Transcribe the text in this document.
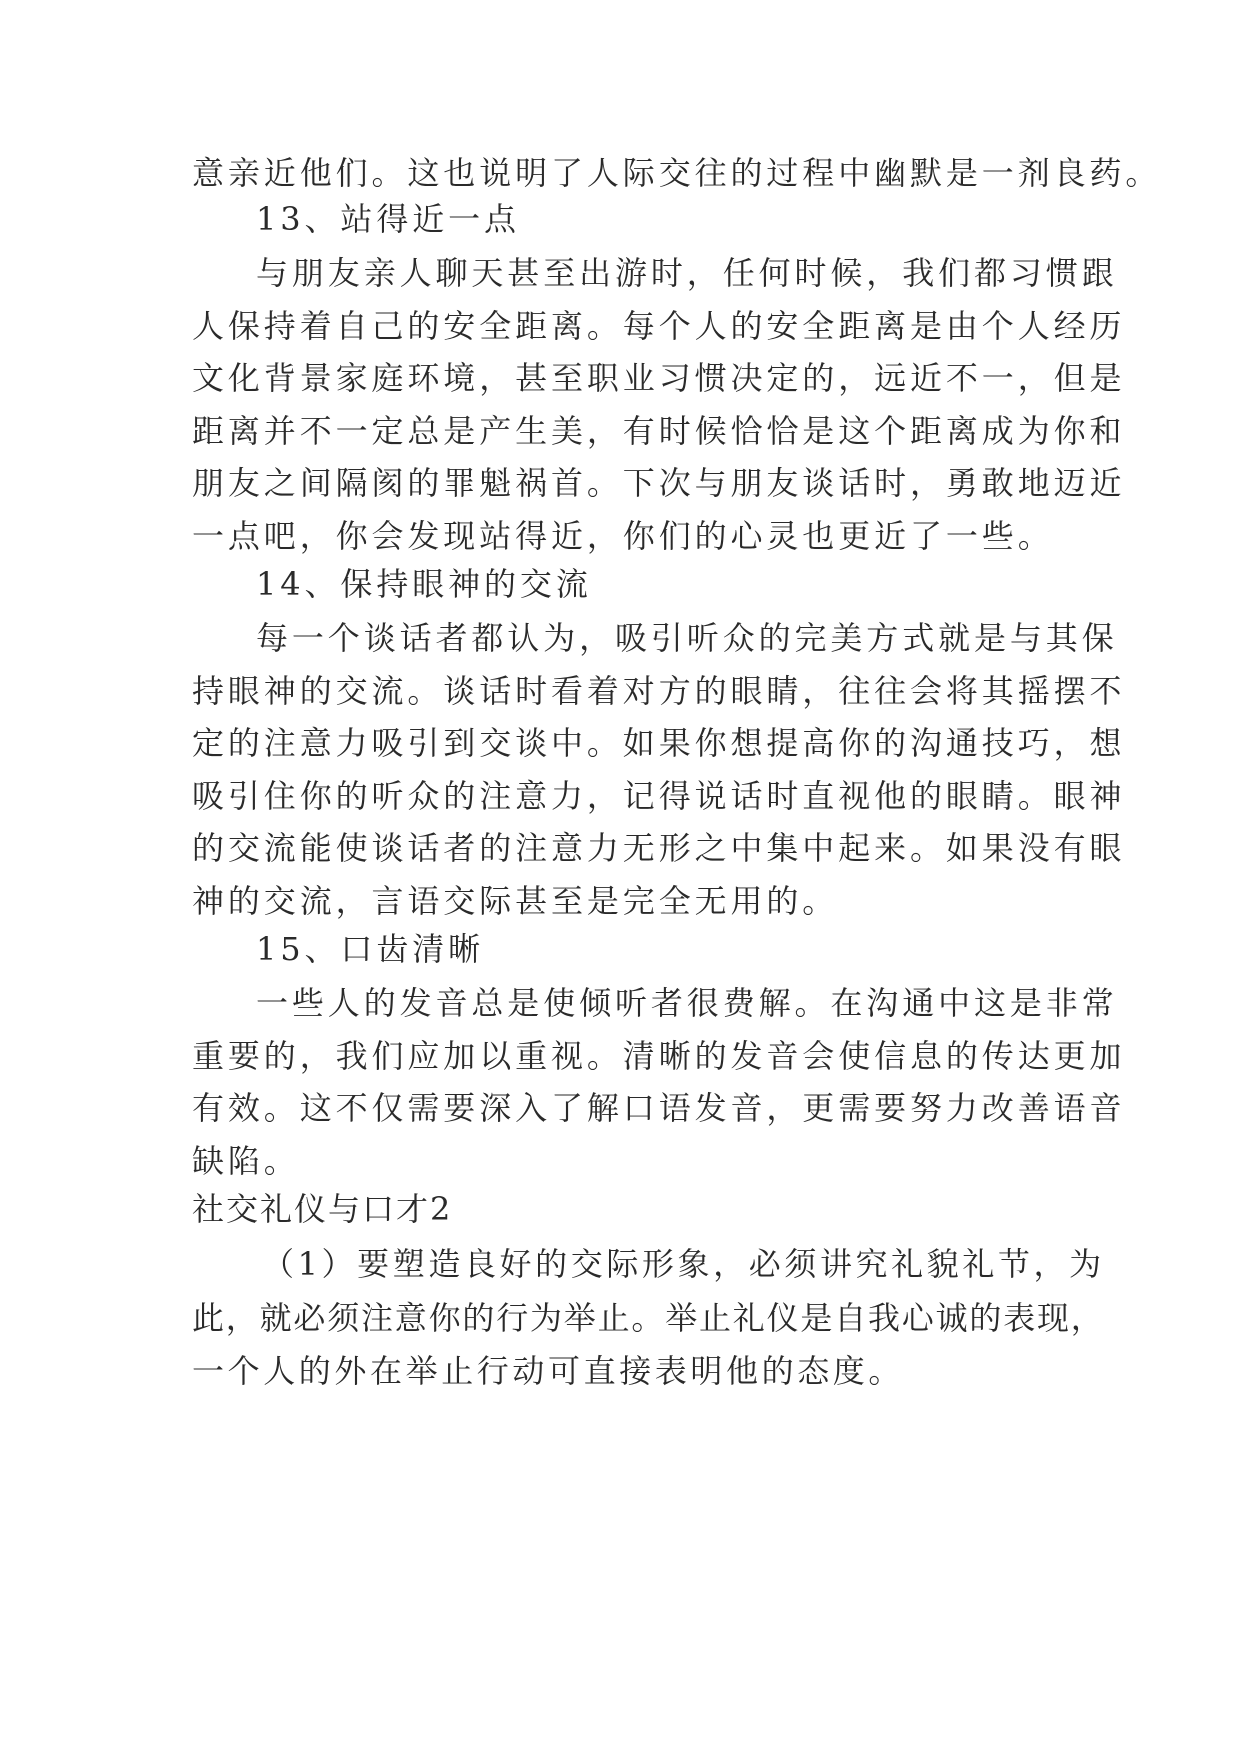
意亲近他们。这也说明了人际交往的过程中幽默是一剂良药。

13、站得近一点

与朋友亲人聊天甚至出游时，任何时候，我们都习惯跟

人保持着自己的安全距离。每个人的安全距离是由个人经历

文化背景家庭环境，甚至职业习惯决定的，远近不一，但是

距离并不一定总是产生美，有时候恰恰是这个距离成为你和

朋友之间隔阂的罪魁祸首。下次与朋友谈话时，勇敢地迈近

一点吧，你会发现站得近，你们的心灵也更近了一些。

14、保持眼神的交流

每一个谈话者都认为，吸引听众的完美方式就是与其保

持眼神的交流。谈话时看着对方的眼睛，往往会将其摇摆不

定的注意力吸引到交谈中。如果你想提高你的沟通技巧，想

吸引住你的听众的注意力，记得说话时直视他的眼睛。眼神

的交流能使谈话者的注意力无形之中集中起来。如果没有眼

神的交流，言语交际甚至是完全无用的。

15、口齿清晰

一些人的发音总是使倾听者很费解。在沟通中这是非常

重要的，我们应加以重视。清晰的发音会使信息的传达更加

有效。这不仅需要深入了解口语发音，更需要努力改善语音

缺陷。

社交礼仪与口才2

（1）要塑造良好的交际形象，必须讲究礼貌礼节，为

此，就必须注意你的行为举止。举止礼仪是自我心诚的表现，

一个人的外在举止行动可直接表明他的态度。
